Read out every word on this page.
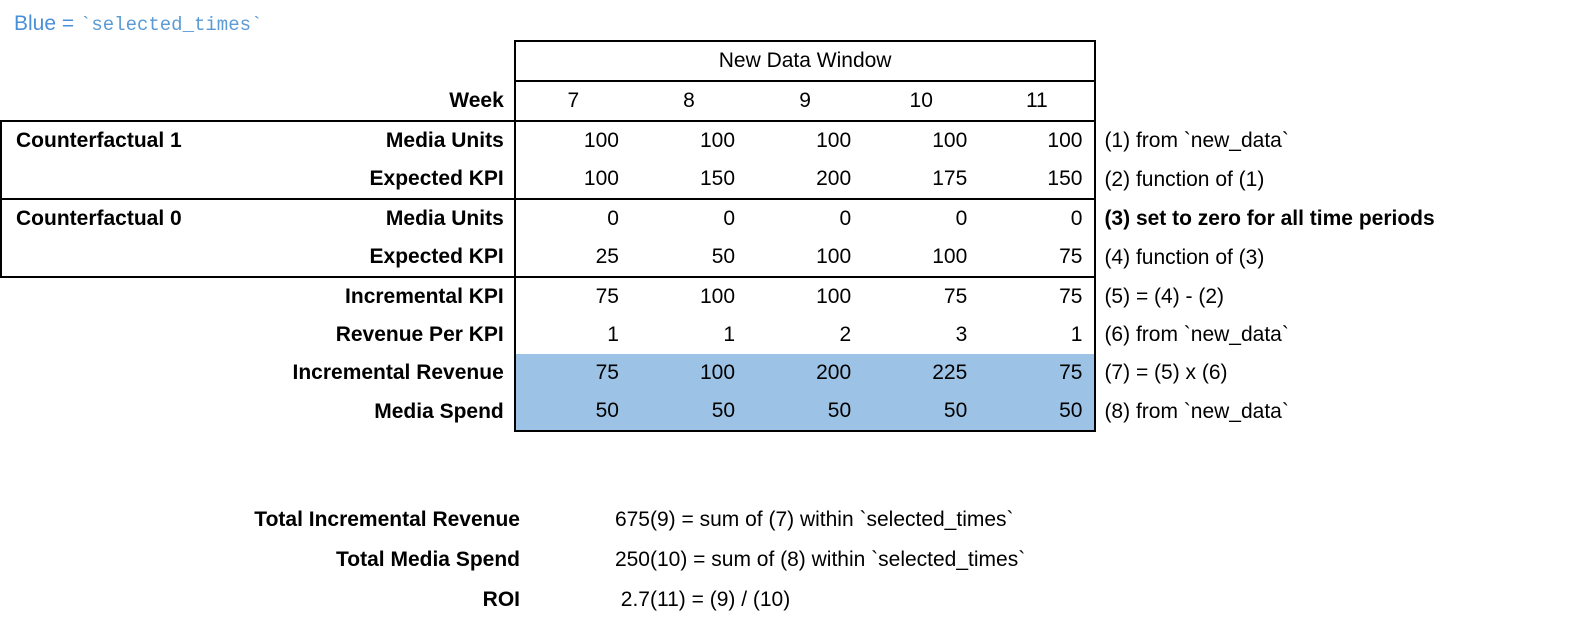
Blue = `selected_times`
		New Data Window					
	Week	7	8	9	10	11	
Counterfactual 1	Media Units	100	100	100	100	100	(1) from `new_data`
	Expected KPI	100	150	200	175	150	(2) function of (1)
Counterfactual 0	Media Units	0	0	0	0	0	(3) set to zero for all time periods
	Expected KPI	25	50	100	100	75	(4) function of (3)
	Incremental KPI	75	100	100	75	75	(5) = (4) - (2)
	Revenue Per KPI	1	1	2	3	1	(6) from `new_data`
	Incremental Revenue	75	100	200	225	75	(7) = (5) x (6)
	Media Spend	50	50	50	50	50	(8) from `new_data`
Total Incremental Revenue	675	(9) = sum of (7) within `selected_times`
Total Media Spend	250	(10) = sum of (8) within `selected_times`
ROI	2.7	(11) = (9) / (10)
